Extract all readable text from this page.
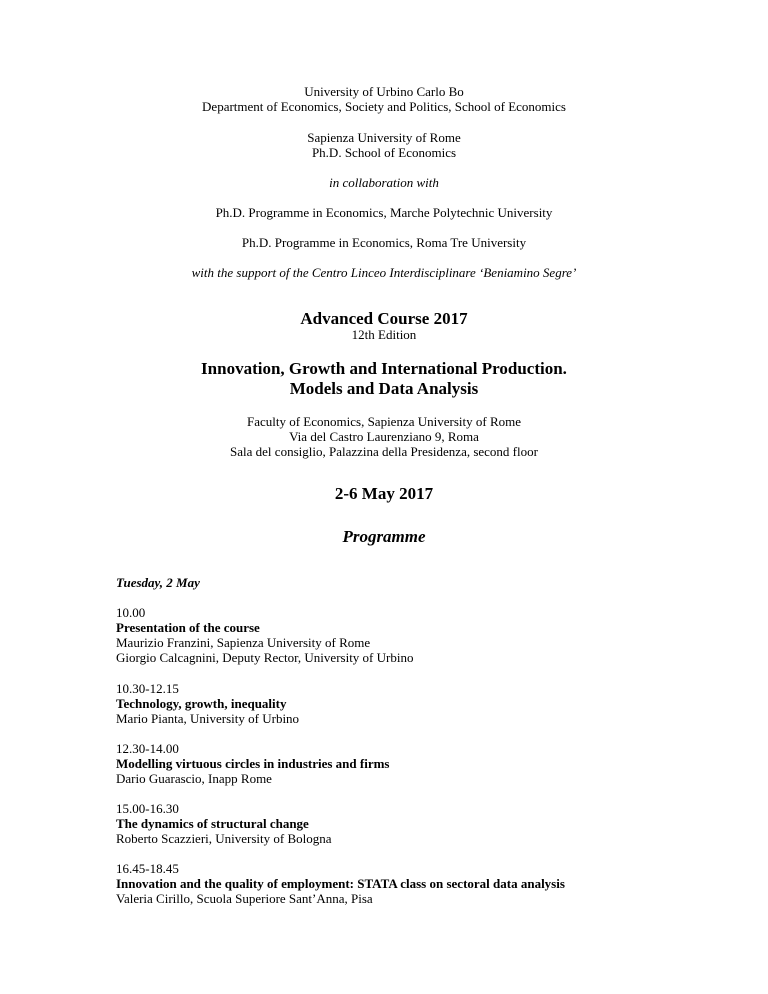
University of Urbino Carlo Bo
Department of Economics, Society and Politics, School of Economics
Sapienza University of Rome
Ph.D. School of Economics
in collaboration with
Ph.D. Programme in Economics, Marche Polytechnic University
Ph.D. Programme in Economics, Roma Tre University
with the support of the Centro Linceo Interdisciplinare ‘Beniamino Segre’
Advanced Course 2017
12th Edition
Innovation, Growth and International Production.
Models and Data Analysis
Faculty of Economics, Sapienza University of Rome
Via del Castro Laurenziano 9, Roma
Sala del consiglio, Palazzina della Presidenza, second floor
2-6 May 2017
Programme
Tuesday, 2 May
10.00
Presentation of the course
Maurizio Franzini, Sapienza University of Rome
Giorgio Calcagnini, Deputy Rector, University of Urbino
10.30-12.15
Technology, growth, inequality
Mario Pianta, University of Urbino
12.30-14.00
Modelling virtuous circles in industries and firms
Dario Guarascio, Inapp Rome
15.00-16.30
The dynamics of structural change
Roberto Scazzieri, University of Bologna
16.45-18.45
Innovation and the quality of employment: STATA class on sectoral data analysis
Valeria Cirillo, Scuola Superiore Sant’Anna, Pisa
